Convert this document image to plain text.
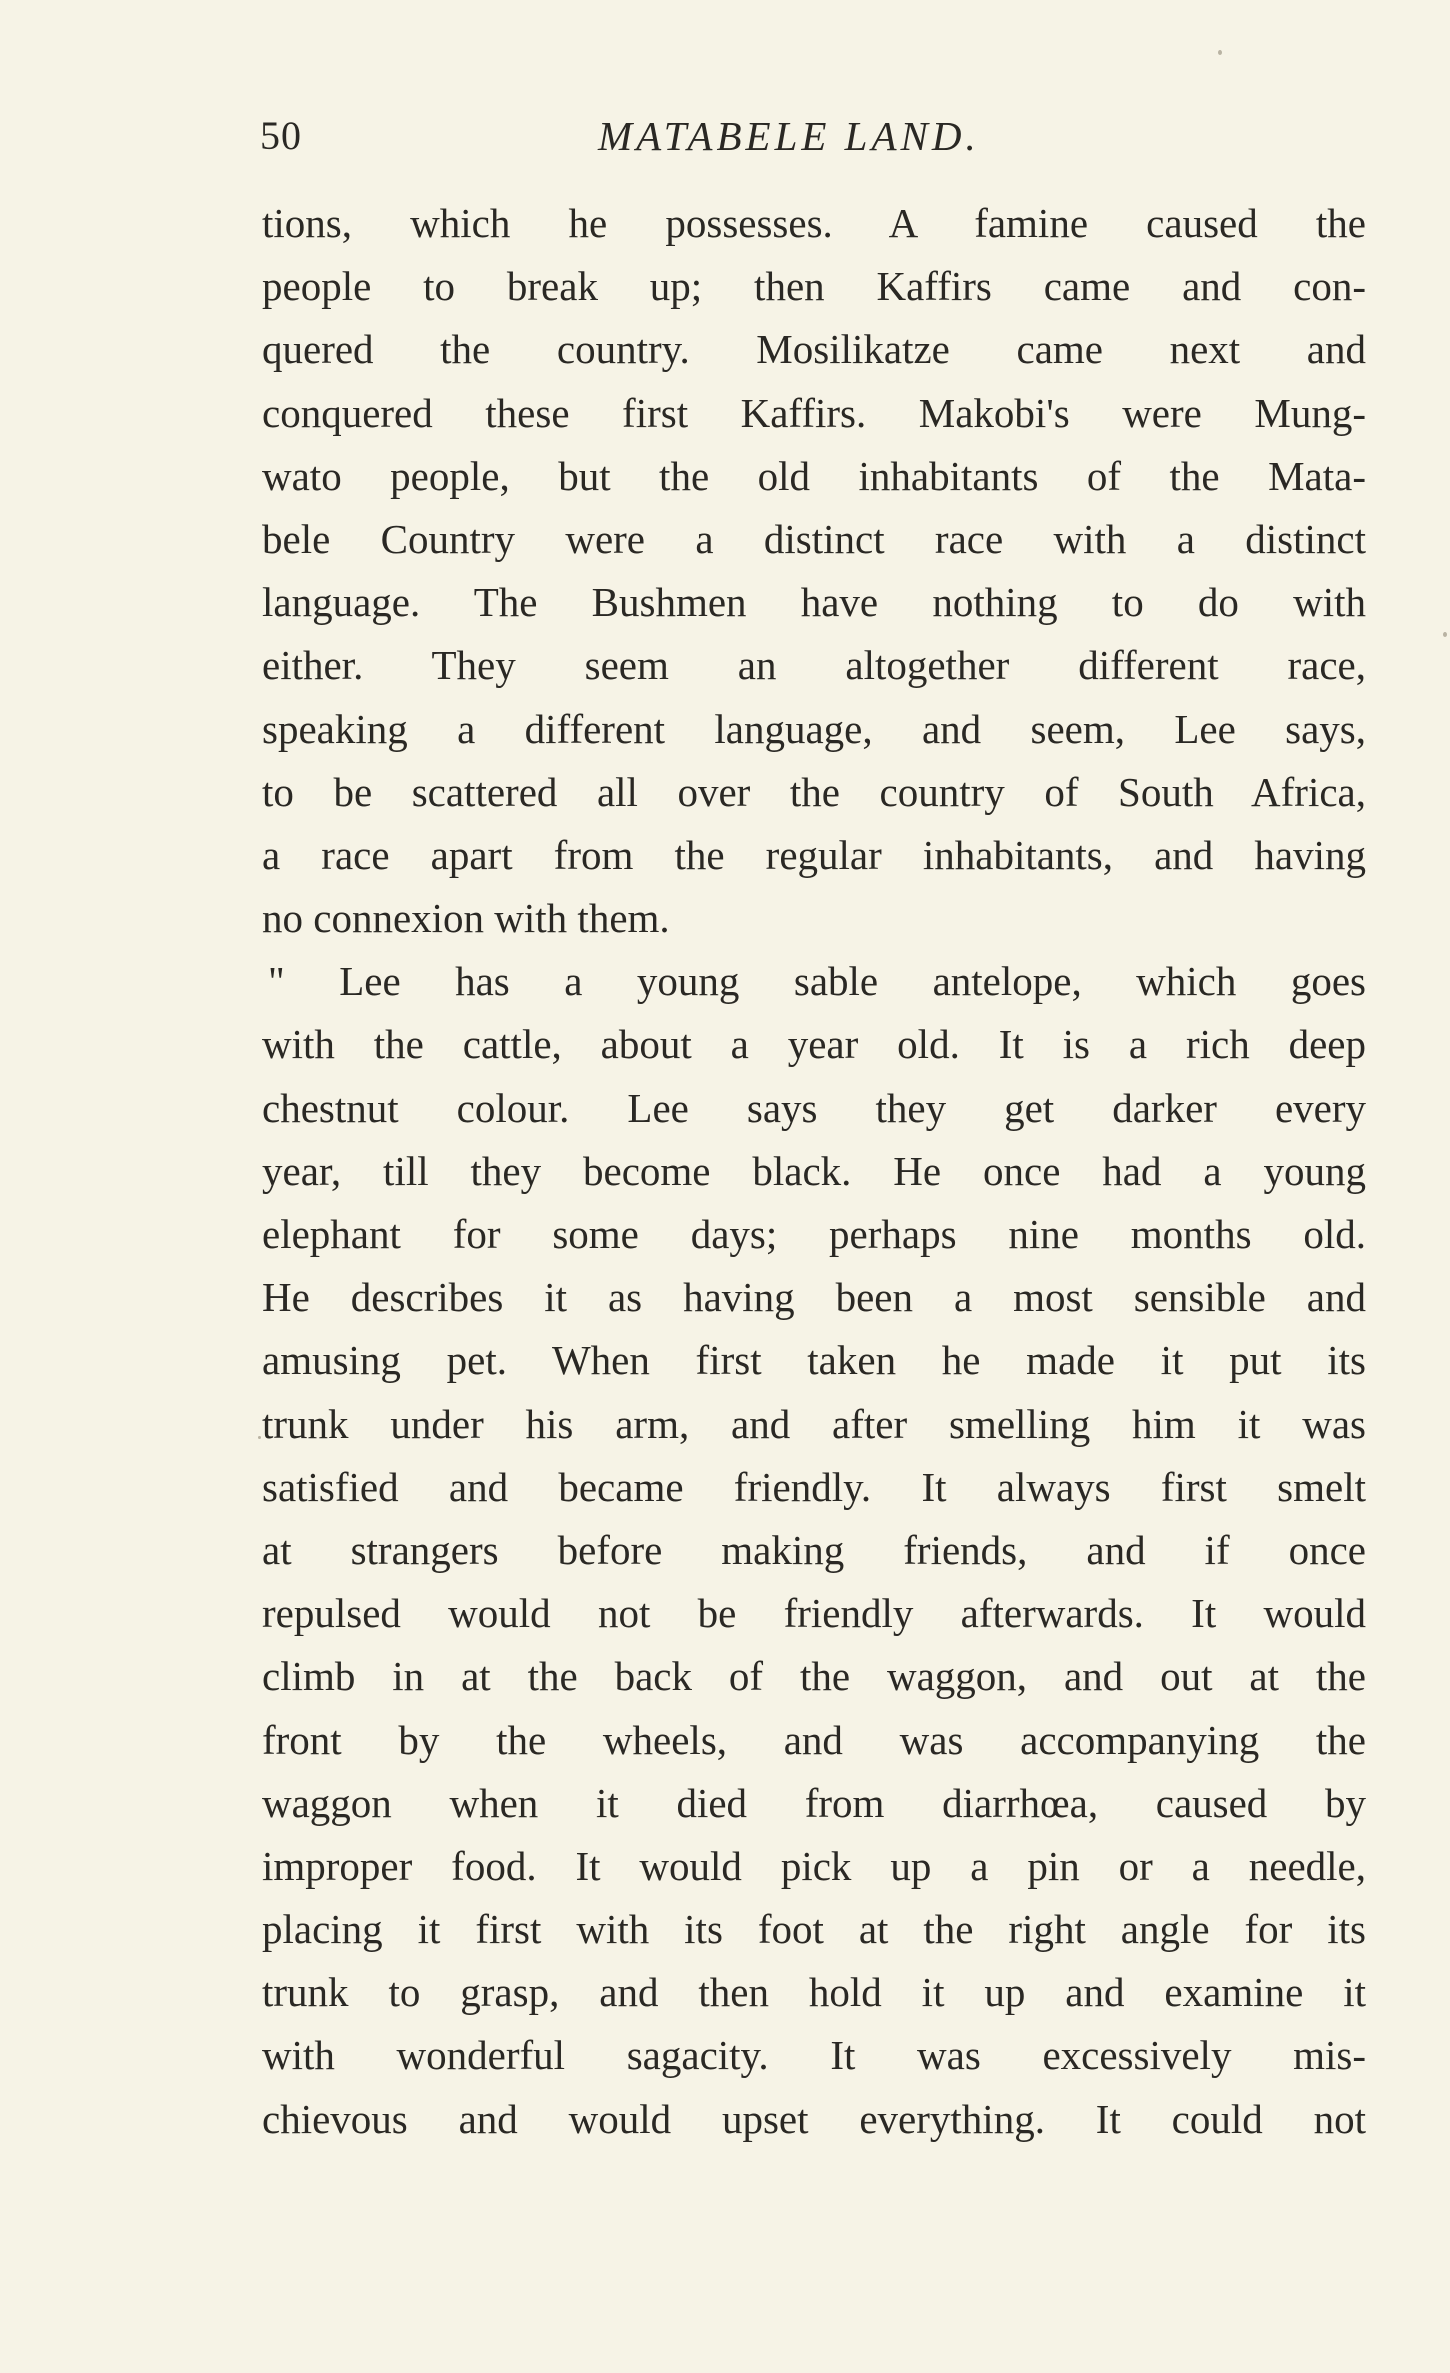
50	MATABELE LAND.
tions, which he possesses. A famine caused the
people to break up; then Kaffirs came and con-
quered the country. Mosilikatze came next and
conquered these first Kaffirs. Makobi's were Mung-
wato people, but the old inhabitants of the Mata-
bele Country were a distinct race with a distinct
language. The Bushmen have nothing to do with
either. They seem an altogether different race,
speaking a different language, and seem, Lee says,
to be scattered all over the country of South Africa,
a race apart from the regular inhabitants, and having
no connexion with them.
" Lee has a young sable antelope, which goes
with the cattle, about a year old. It is a rich deep
chestnut colour. Lee says they get darker every
year, till they become black. He once had a young
elephant for some days; perhaps nine months old.
He describes it as having been a most sensible and
amusing pet. When first taken he made it put its
trunk under his arm, and after smelling him it was
satisfied and became friendly. It always first smelt
at strangers before making friends, and if once
repulsed would not be friendly afterwards. It would
climb in at the back of the waggon, and out at the
front by the wheels, and was accompanying the
waggon when it died from diarrhœa, caused by
improper food. It would pick up a pin or a needle,
placing it first with its foot at the right angle for its
trunk to grasp, and then hold it up and examine it
with wonderful sagacity. It was excessively mis-
chievous and would upset everything. It could not
